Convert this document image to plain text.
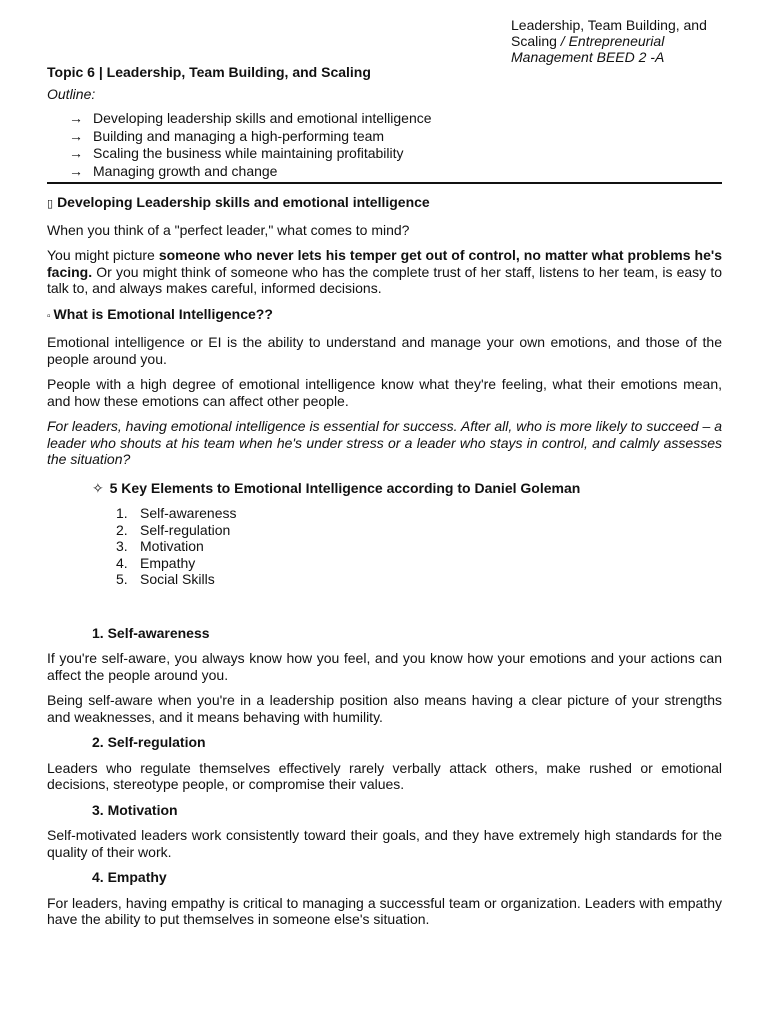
Leadership, Team Building, and
Scaling / Entrepreneurial
Management BEED 2 -A
Topic 6 | Leadership, Team Building, and Scaling
Outline:
→ Developing leadership skills and emotional intelligence
→ Building and managing a high-performing team
→ Scaling the business while maintaining profitability
→ Managing growth and change
▯ Developing Leadership skills and emotional intelligence

When you think of a "perfect leader," what comes to mind?

You might picture someone who never lets his temper get out of control, no matter what problems he's facing. Or you might think of someone who has the complete trust of her staff, listens to her team, is easy to talk to, and always makes careful, informed decisions.

▫ What is Emotional Intelligence??

Emotional intelligence or EI is the ability to understand and manage your own emotions, and those of the people around you.

People with a high degree of emotional intelligence know what they're feeling, what their emotions mean, and how these emotions can affect other people.

For leaders, having emotional intelligence is essential for success. After all, who is more likely to succeed – a leader who shouts at his team when he's under stress or a leader who stays in control, and calmly assesses the situation?

✧ 5 Key Elements to Emotional Intelligence according to Daniel Goleman
1. Self-awareness
2. Self-regulation
3. Motivation
4. Empathy
5. Social Skills
1. Self-awareness

If you're self-aware, you always know how you feel, and you know how your emotions and your actions can affect the people around you.

Being self-aware when you're in a leadership position also means having a clear picture of your strengths and weaknesses, and it means behaving with humility.

2. Self-regulation

Leaders who regulate themselves effectively rarely verbally attack others, make rushed or emotional decisions, stereotype people, or compromise their values.

3. Motivation

Self-motivated leaders work consistently toward their goals, and they have extremely high standards for the quality of their work.

4. Empathy

For leaders, having empathy is critical to managing a successful team or organization. Leaders with empathy have the ability to put themselves in someone else's situation.
